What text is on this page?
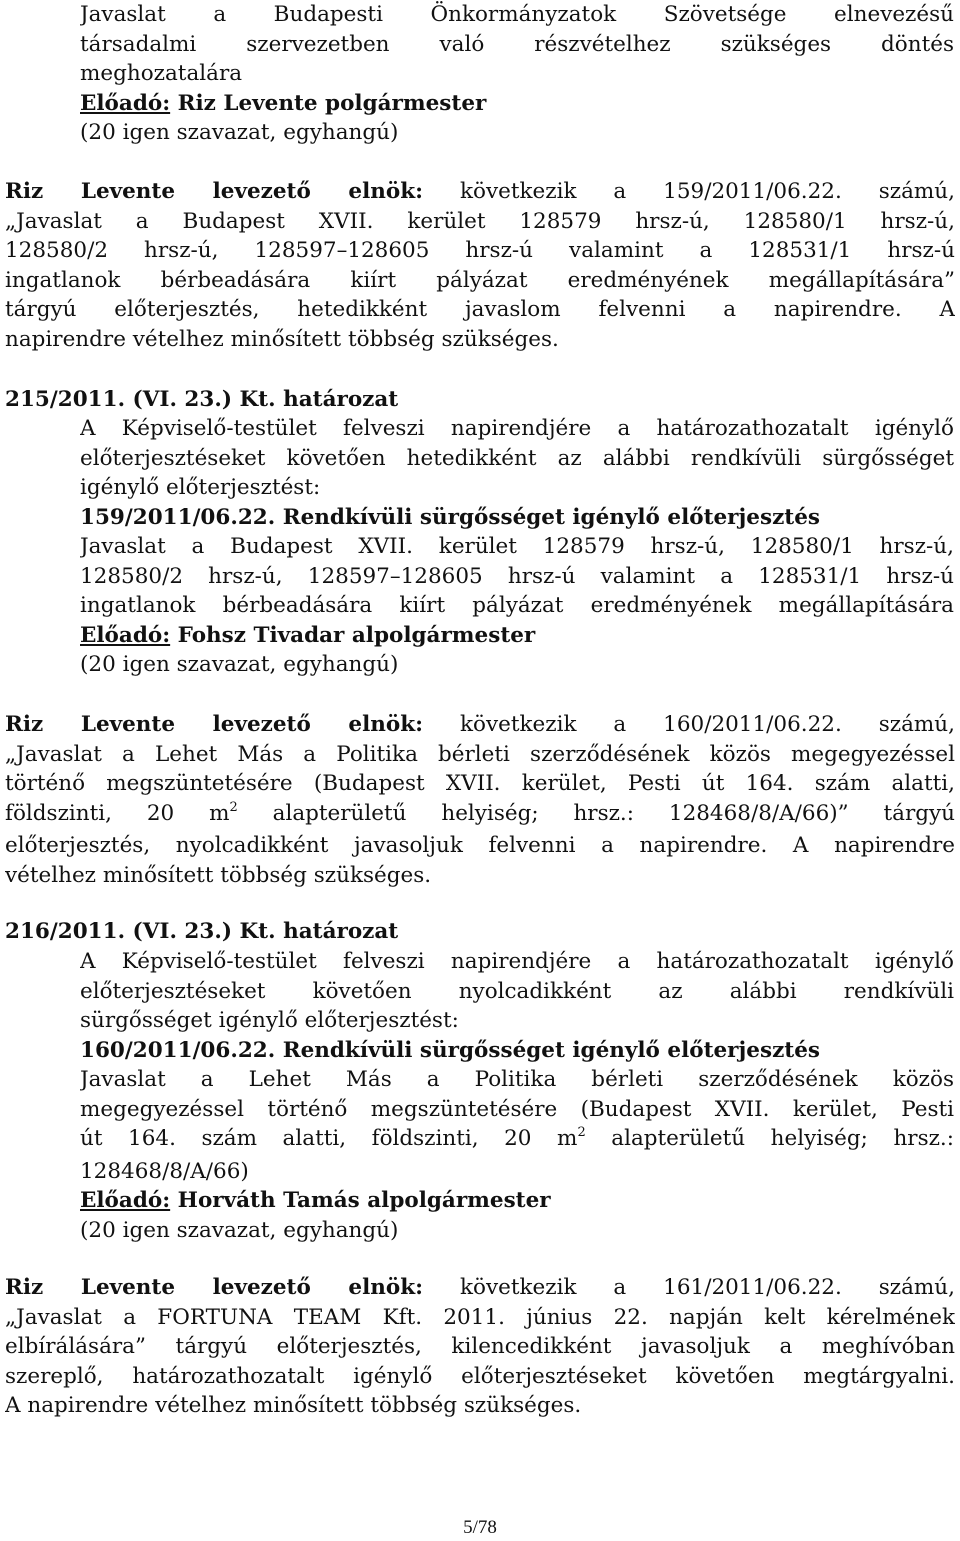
Javaslat a Budapesti Önkormányzatok Szövetsége elnevezésű
társadalmi szervezetben való részvételhez szükséges döntés
meghozatalára
Előadó: Riz Levente polgármester
(20 igen szavazat, egyhangú)
Riz Levente levezető elnök: következik a 159/2011/06.22. számú,
„Javaslat a Budapest XVII. kerület 128579 hrsz-ú, 128580/1 hrsz-ú,
128580/2 hrsz-ú, 128597–128605 hrsz-ú valamint a 128531/1 hrsz-ú
ingatlanok bérbeadására kiírt pályázat eredményének megállapítására”
tárgyú előterjesztés, hetedikként javaslom felvenni a napirendre. A
napirendre vételhez minősített többség szükséges.
215/2011. (VI. 23.) Kt. határozat
A Képviselő-testület felveszi napirendjére a határozathozatalt igénylő
előterjesztéseket követően hetedikként az alábbi rendkívüli sürgősséget
igénylő előterjesztést:
159/2011/06.22. Rendkívüli sürgősséget igénylő előterjesztés
Javaslat a Budapest XVII. kerület 128579 hrsz-ú, 128580/1 hrsz-ú,
128580/2 hrsz-ú, 128597–128605 hrsz-ú valamint a 128531/1 hrsz-ú
ingatlanok bérbeadására kiírt pályázat eredményének megállapítására
Előadó: Fohsz Tivadar alpolgármester
(20 igen szavazat, egyhangú)
Riz Levente levezető elnök: következik a 160/2011/06.22. számú,
„Javaslat a Lehet Más a Politika bérleti szerződésének közös megegyezéssel
történő megszüntetésére (Budapest XVII. kerület, Pesti út 164. szám alatti,
földszinti, 20 $m^2$ alapterületű helyiség; hrsz.: 128468/8/A/66)” tárgyú
előterjesztés, nyolcadikként javasoljuk felvenni a napirendre. A napirendre
vételhez minősített többség szükséges.
216/2011. (VI. 23.) Kt. határozat
A Képviselő-testület felveszi napirendjére a határozathozatalt igénylő
előterjesztéseket követően nyolcadikként az alábbi rendkívüli
sürgősséget igénylő előterjesztést:
160/2011/06.22. Rendkívüli sürgősséget igénylő előterjesztés
Javaslat a Lehet Más a Politika bérleti szerződésének közös
megegyezéssel történő megszüntetésére (Budapest XVII. kerület, Pesti
út 164. szám alatti, földszinti, 20 $m^2$ alapterületű helyiség; hrsz.:
128468/8/A/66)
Előadó: Horváth Tamás alpolgármester
(20 igen szavazat, egyhangú)
Riz Levente levezető elnök: következik a 161/2011/06.22. számú,
„Javaslat a FORTUNA TEAM Kft. 2011. június 22. napján kelt kérelmének
elbírálására” tárgyú előterjesztés, kilencedikként javasoljuk a meghívóban
szereplő, határozathozatalt igénylő előterjesztéseket követően megtárgyalni.
A napirendre vételhez minősített többség szükséges.
5/78
